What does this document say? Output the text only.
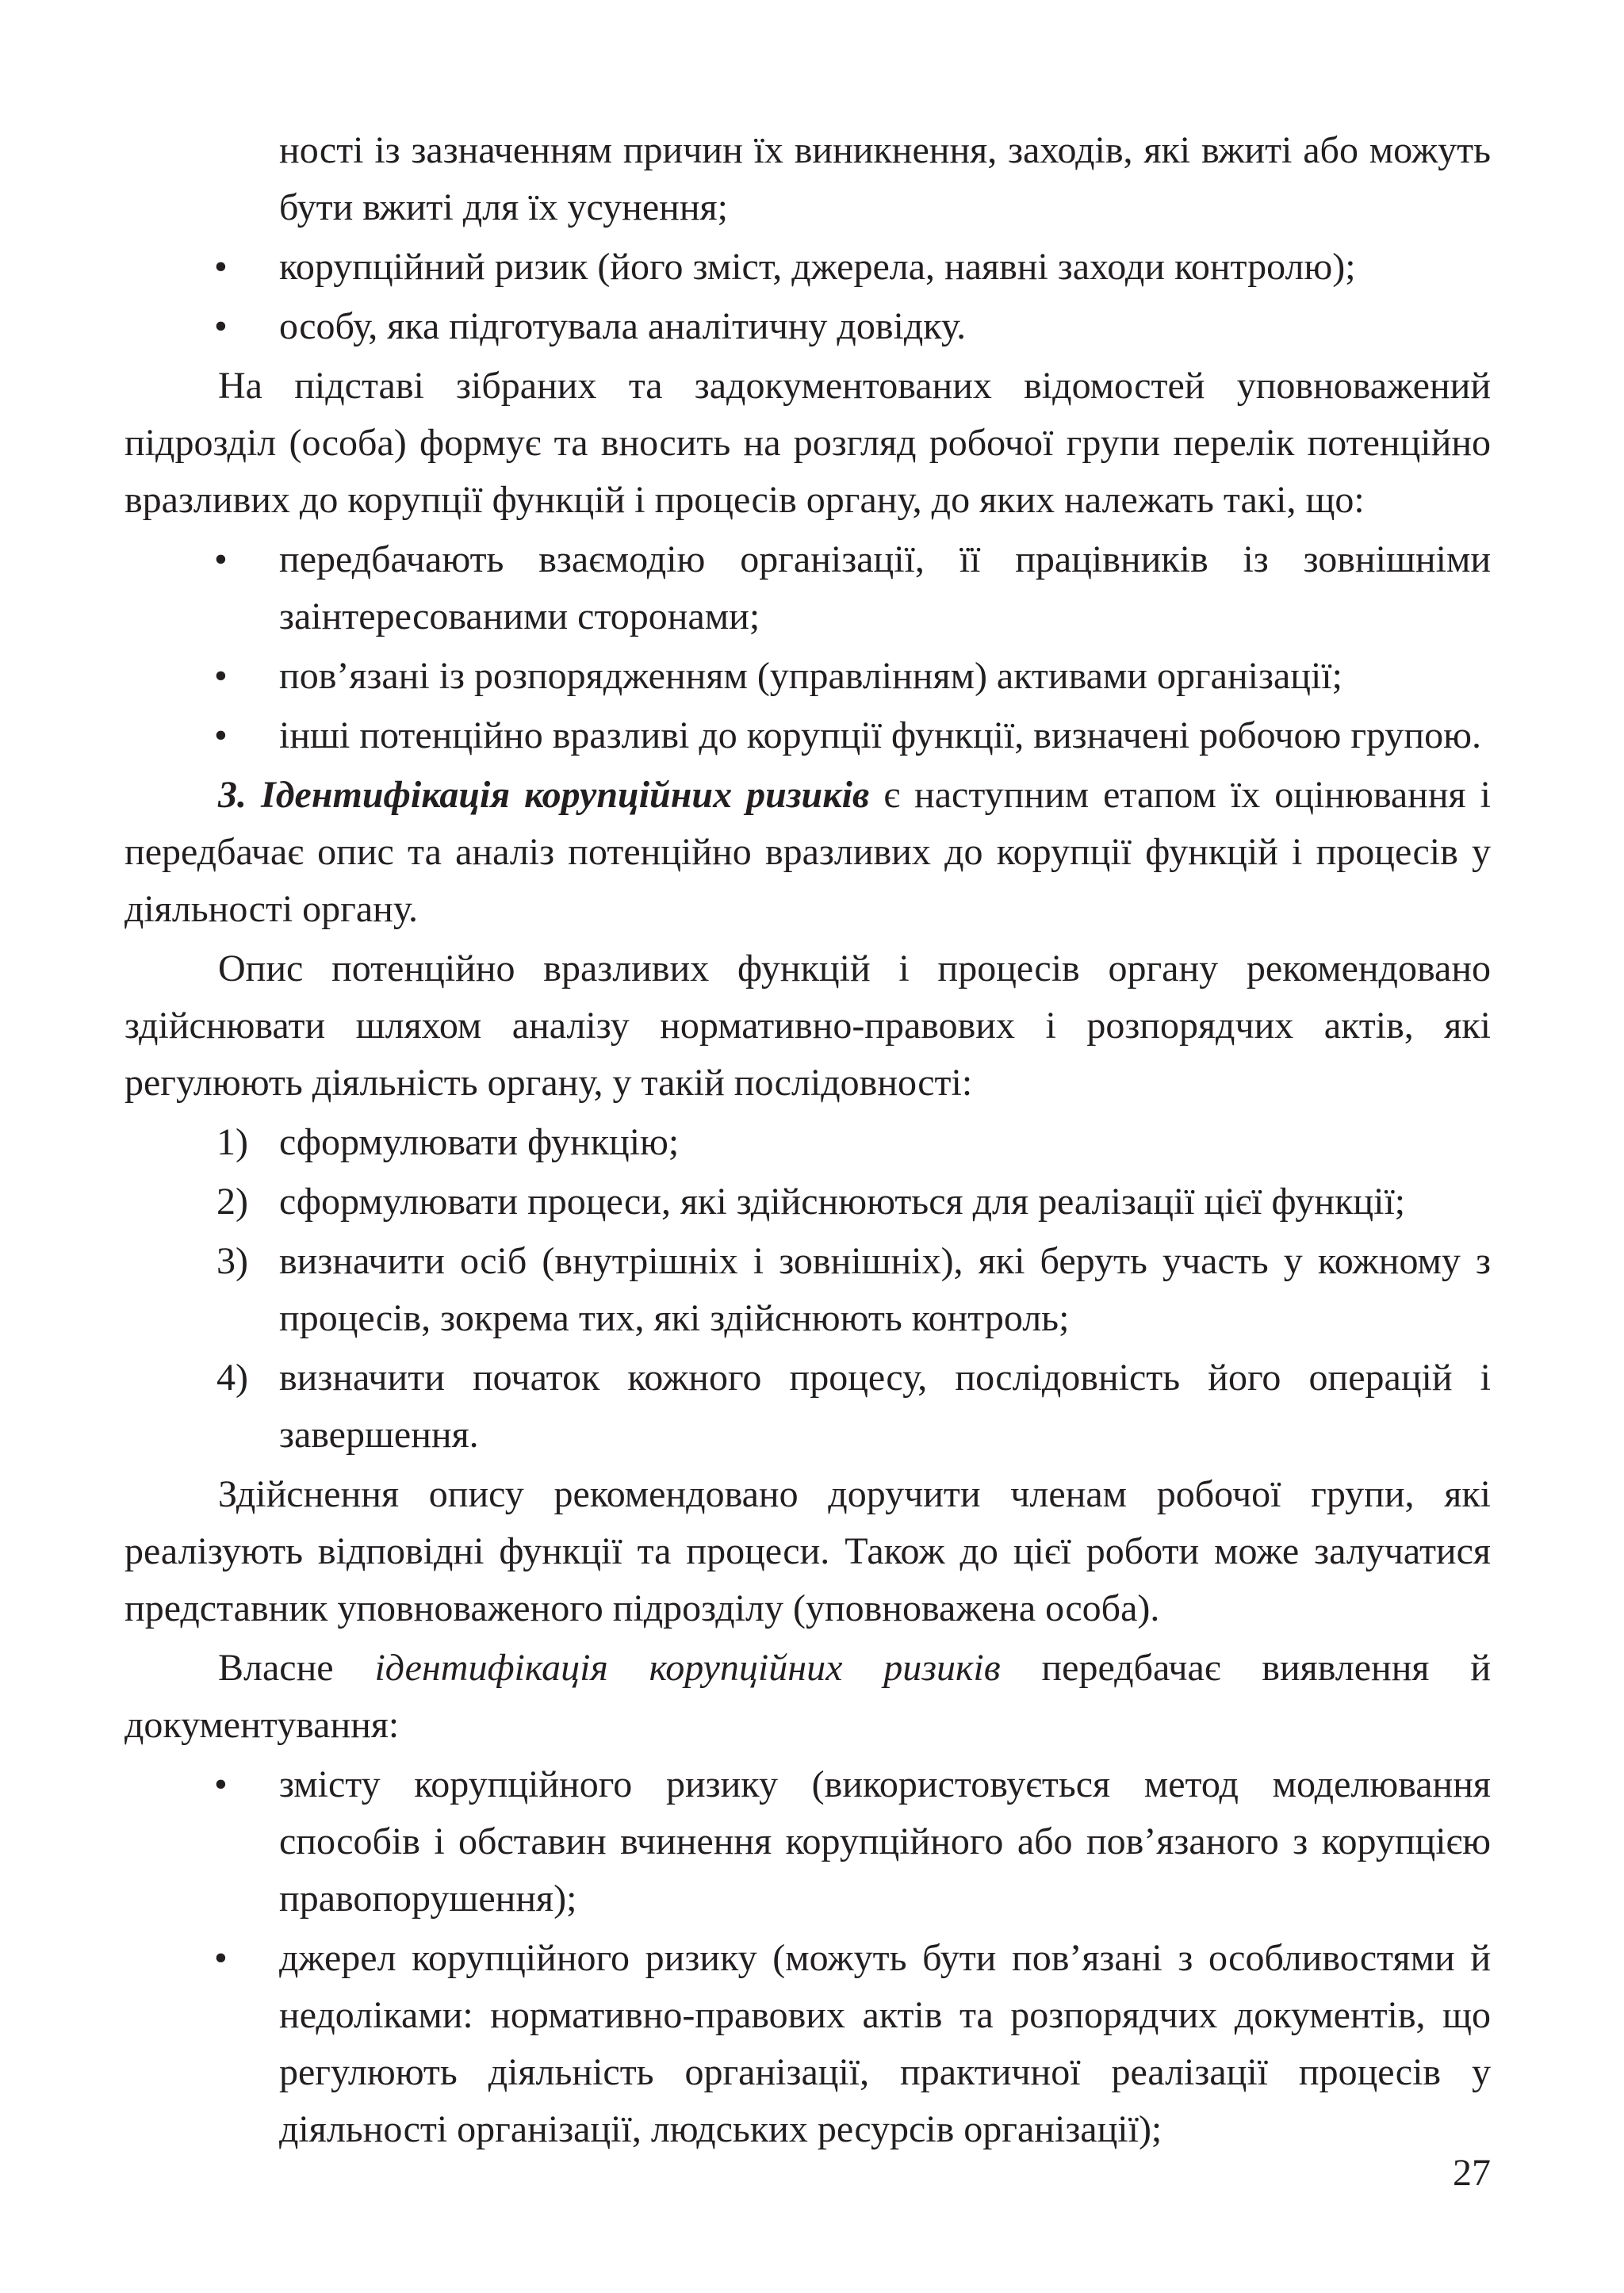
ності із зазначенням причин їх виникнення, заходів, які вжиті або можуть бути вжиті для їх усунення;

• корупційний ризик (його зміст, джерела, наявні заходи контролю);
• особу, яка підготувала аналітичну довідку.

На підставі зібраних та задокументованих відомостей уповноважений підрозділ (особа) формує та вносить на розгляд робочої групи перелік потенційно вразливих до корупції функцій і процесів органу, до яких належать такі, що:

• передбачають взаємодію організації, її працівників із зовнішніми заінтересованими сторонами;
• пов’язані із розпорядженням (управлінням) активами організації;
• інші потенційно вразливі до корупції функції, визначені робочою групою.

3. Ідентифікація корупційних ризиків є наступним етапом їх оцінювання і передбачає опис та аналіз потенційно вразливих до корупції функцій і процесів у діяльності органу.

Опис потенційно вразливих функцій і процесів органу рекомендовано здійснювати шляхом аналізу нормативно-правових і розпорядчих актів, які регулюють діяльність органу, у такій послідовності:

1) сформулювати функцію;
2) сформулювати процеси, які здійснюються для реалізації цієї функції;
3) визначити осіб (внутрішніх і зовнішніх), які беруть участь у кожному з процесів, зокрема тих, які здійснюють контроль;
4) визначити початок кожного процесу, послідовність його операцій і завершення.

Здійснення опису рекомендовано доручити членам робочої групи, які реалізують відповідні функції та процеси. Також до цієї роботи може залучатися представник уповноваженого підрозділу (уповноважена особа).

Власне ідентифікація корупційних ризиків передбачає виявлення й документування:

• змісту корупційного ризику (використовується метод моделювання способів і обставин вчинення корупційного або пов’язаного з корупцією правопорушення);
• джерел корупційного ризику (можуть бути пов’язані з особливостями й недоліками: нормативно-правових актів та розпорядчих документів, що регулюють діяльність організації, практичної реалізації процесів у діяльності організації, людських ресурсів організації);
27
